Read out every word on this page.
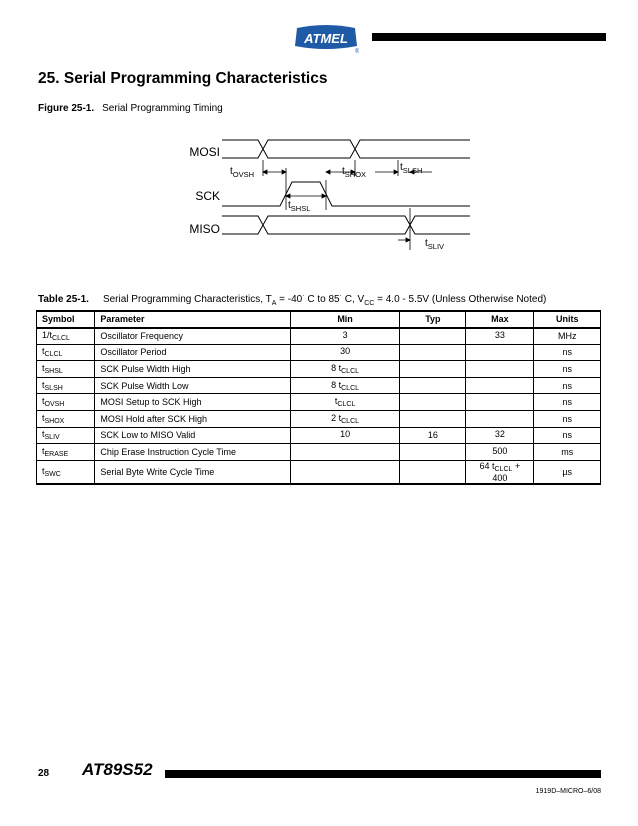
ATMEL
®
25. Serial Programming Characteristics
Figure 25-1. Serial Programming Timing
MOSI
SCK
MISO
$t_{OVSH}$	$t_{SHOX}$
$t_{SLSH}$
$t_{SHSL}$
$t_{SLIV}$
Table 25-1. Serial Programming Characteristics, $T_A = -40^\cdot$ C to 85· C, $V_{CC} = 4.0 - 5.5V$ (Unless Otherwise Noted)
Symbol	Parameter	Min	Typ	Max	Units
$1/t_{CLCL}$	Oscillator Frequency	3		33	MHz
$t_{CLCL}$	Oscillator Period	30			ns
$t_{SHSL}$	SCK Pulse Width High	8 $t_{CLCL}$			ns
$t_{SLSH}$	SCK Pulse Width Low	8 $t_{CLCL}$			ns
$t_{OVSH}$	MOSI Setup to SCK High	$t_{CLCL}$			ns
$t_{SHOX}$	MOSI Hold after SCK High	2 $t_{CLCL}$			ns
$t_{SLIV}$	SCK Low to MISO Valid	10	16	32	ns
$t_{ERASE}$	Chip Erase Instruction Cycle Time			500	ms
$t_{SWC}$	Serial Byte Write Cycle Time			64 $t_{CLCL} + 400$	µs
28 AT89S52
1919D–MICRO–6/08
